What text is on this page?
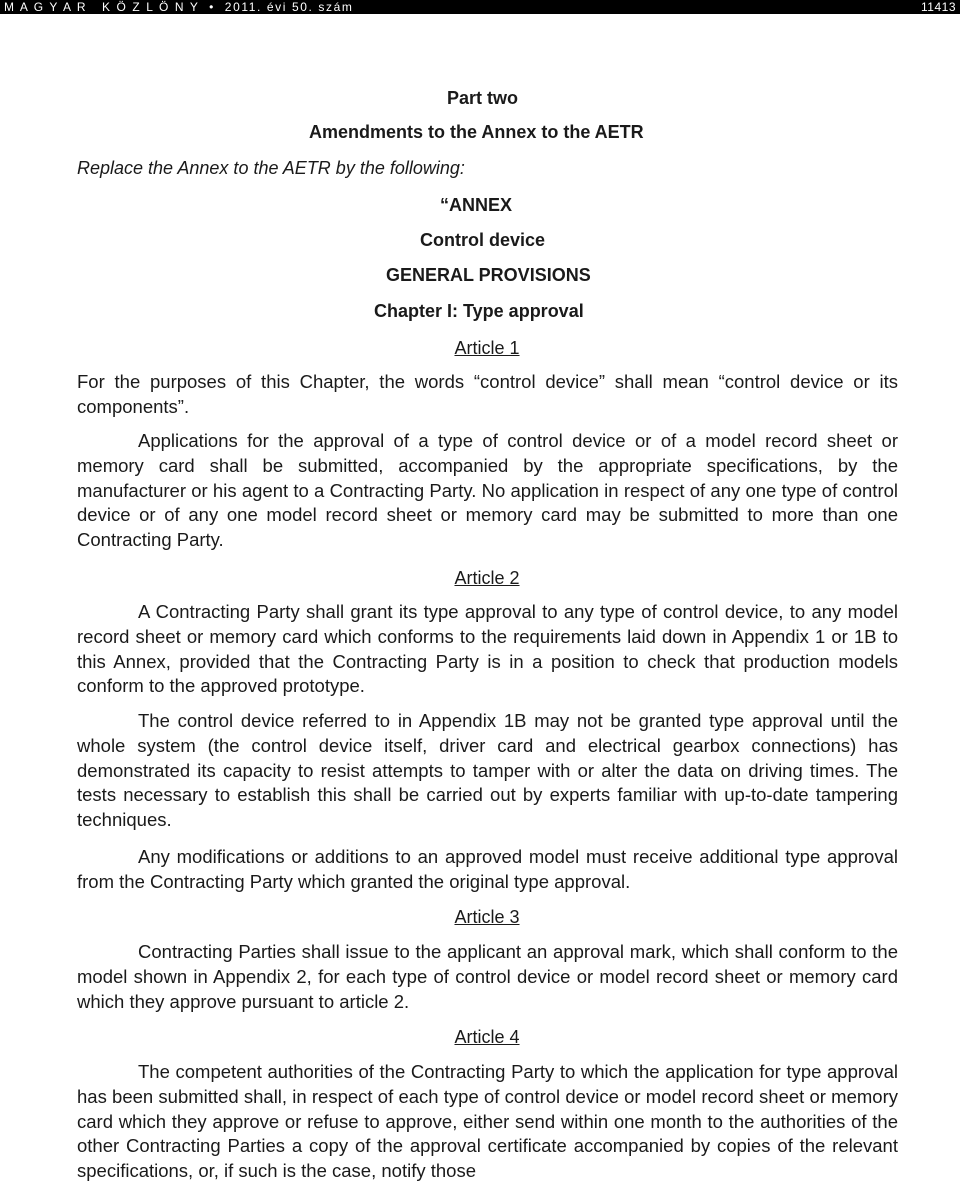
M A G Y A R   K Ö Z L Ö N Y  •  2011. évi 50. szám	11413
Part two
Amendments to the Annex to the AETR
Replace the Annex to the AETR by the following:
“ANNEX
Control device
GENERAL PROVISIONS
Chapter I: Type approval
Article 1

For the purposes of this Chapter, the words “control device” shall mean “control device or its components”.

Applications for the approval of a type of control device or of a model record sheet or memory card shall be submitted, accompanied by the appropriate specifications, by the manufacturer or his agent to a Contracting Party. No application in respect of any one type of control device or of any one model record sheet or memory card may be submitted to more than one Contracting Party.

Article 2

A Contracting Party shall grant its type approval to any type of control device, to any model record sheet or memory card which conforms to the requirements laid down in Appendix 1 or 1B to this Annex, provided that the Contracting Party is in a position to check that production models conform to the approved prototype.

The control device referred to in Appendix 1B may not be granted type approval until the whole system (the control device itself, driver card and electrical gearbox connections) has demonstrated its capacity to resist attempts to tamper with or alter the data on driving times. The tests necessary to establish this shall be carried out by experts familiar with up-to-date tampering techniques.

Any modifications or additions to an approved model must receive additional type approval from the Contracting Party which granted the original type approval.

Article 3

Contracting Parties shall issue to the applicant an approval mark, which shall conform to the model shown in Appendix 2, for each type of control device or model record sheet or memory card which they approve pursuant to article 2.

Article 4

The competent authorities of the Contracting Party to which the application for type approval has been submitted shall, in respect of each type of control device or model record sheet or memory card which they approve or refuse to approve, either send within one month to the authorities of the other Contracting Parties a copy of the approval certificate accompanied by copies of the relevant specifications, or, if such is the case, notify those
